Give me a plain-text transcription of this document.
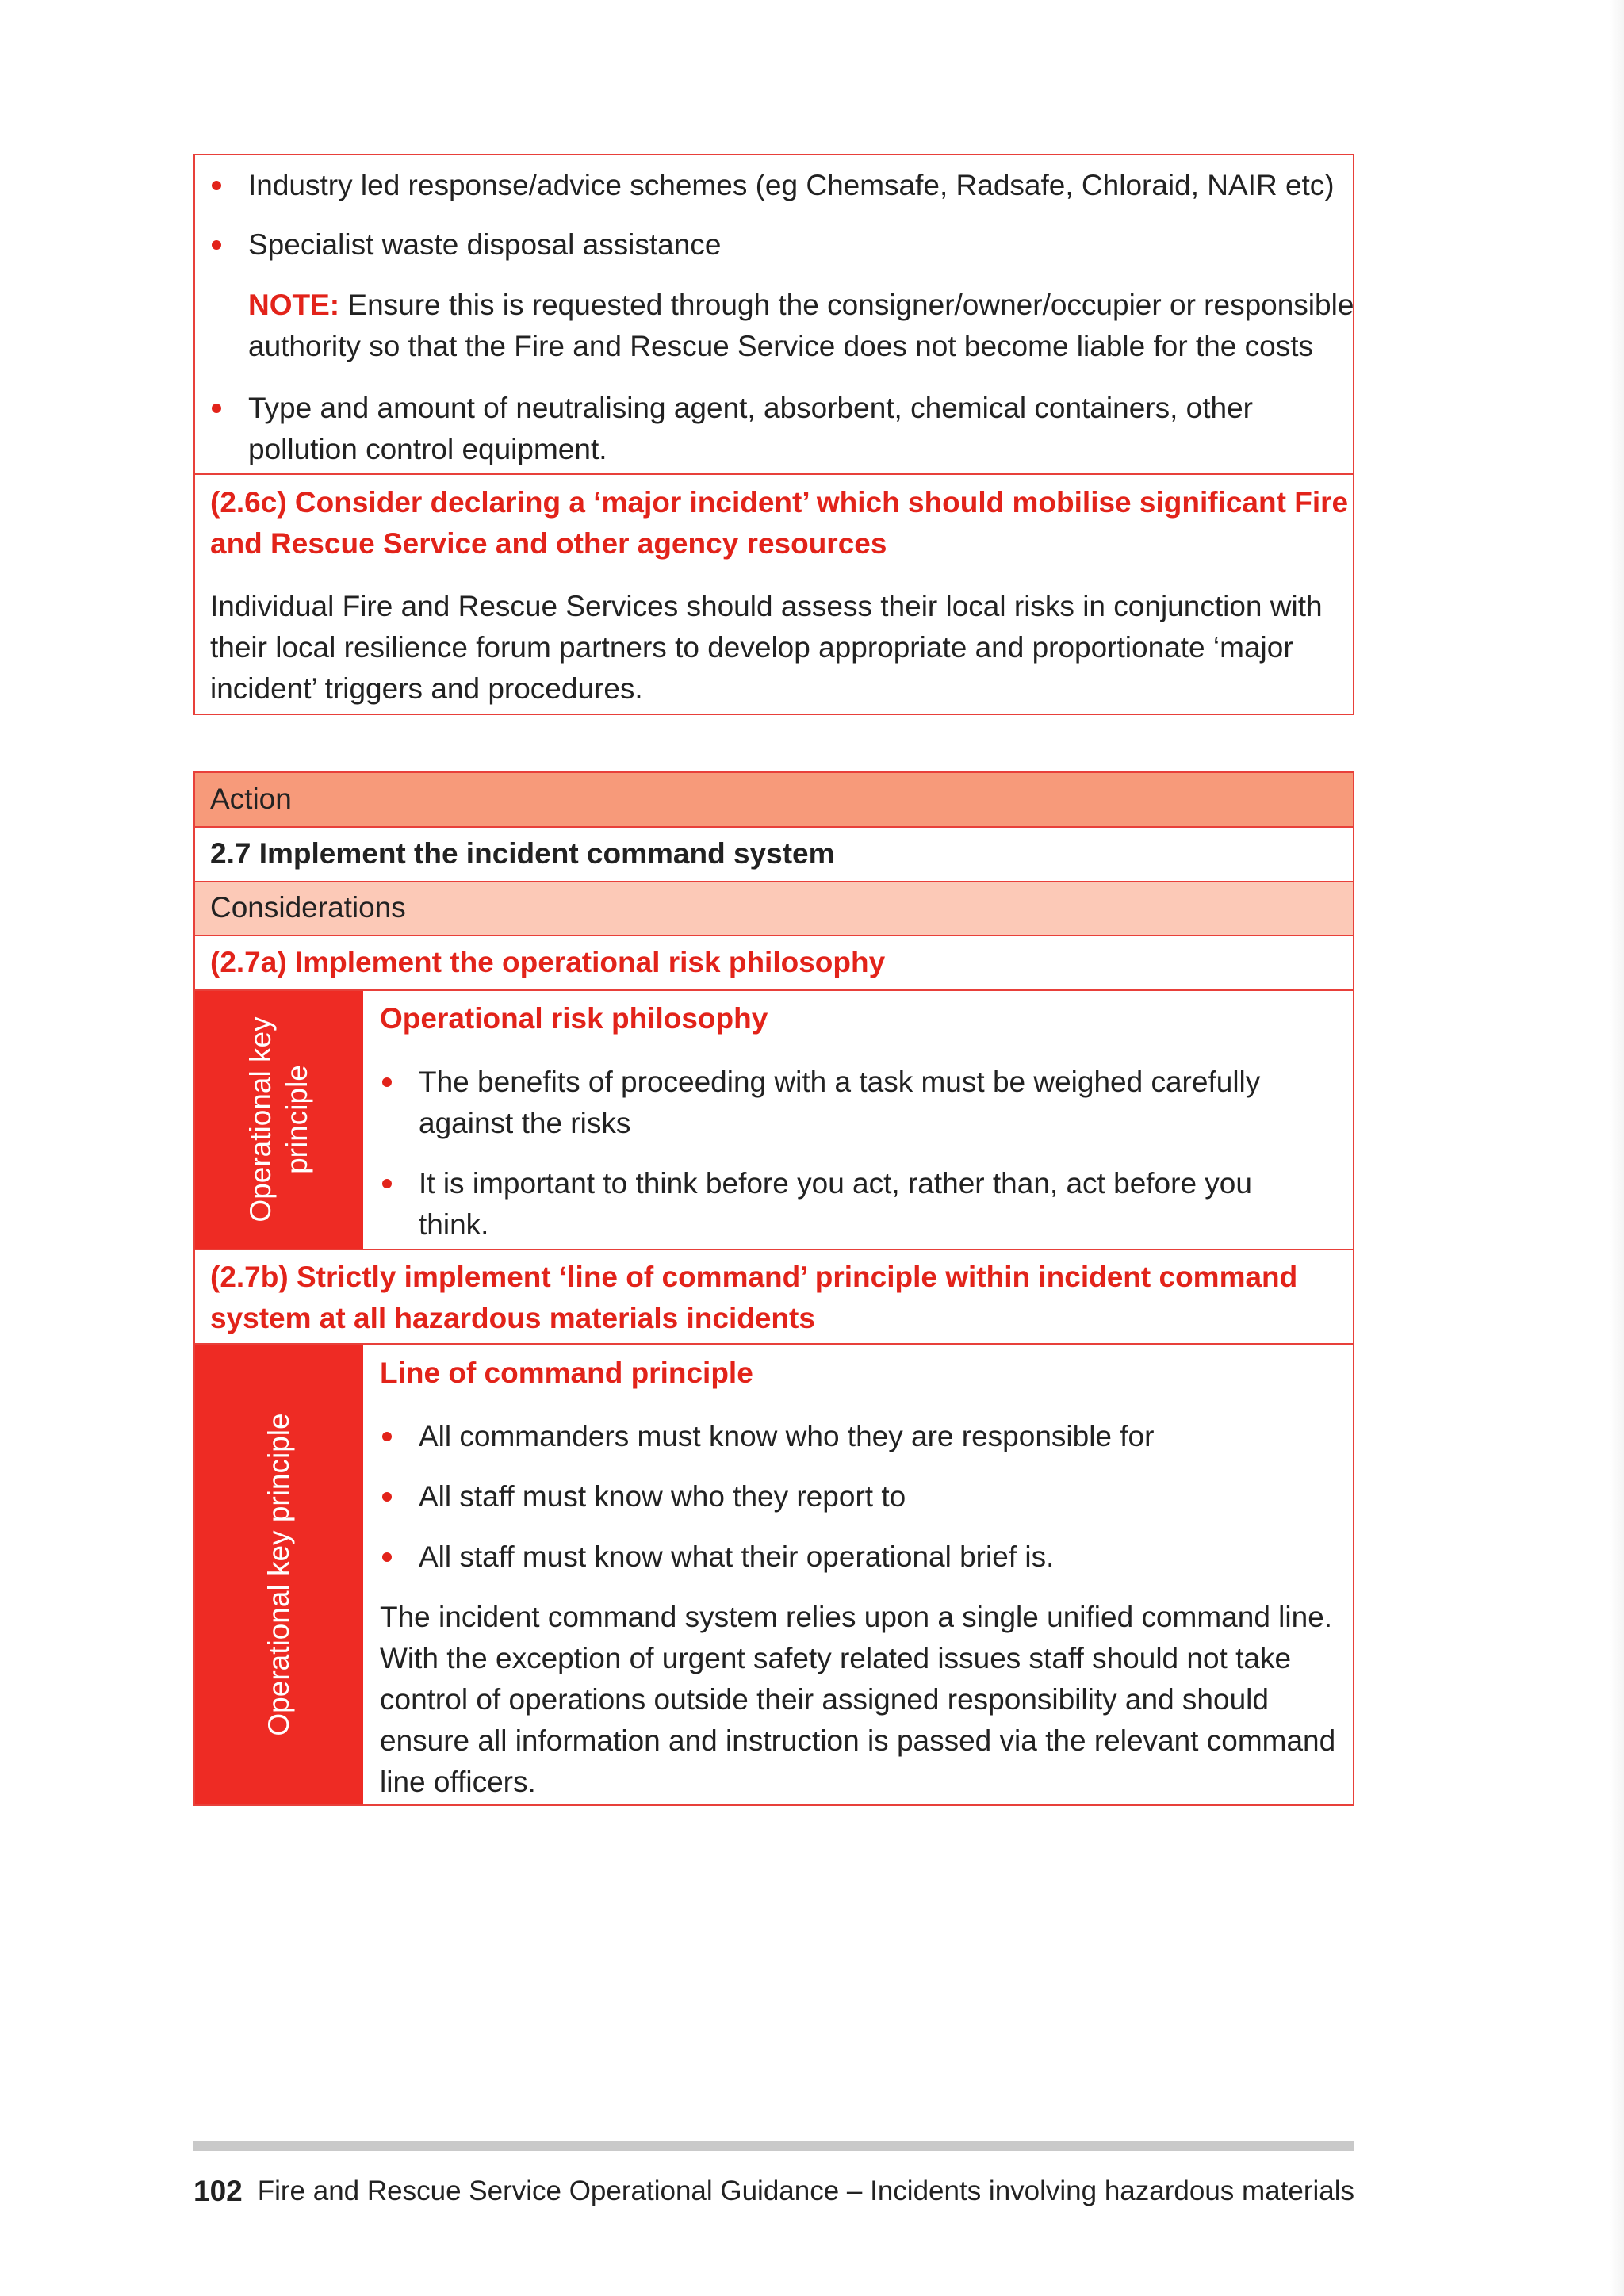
Industry led response/advice schemes (eg Chemsafe, Radsafe, Chloraid, NAIR etc)
Specialist waste disposal assistance
NOTE: Ensure this is requested through the consigner/owner/occupier or responsible
authority so that the Fire and Rescue Service does not become liable for the costs
Type and amount of neutralising agent, absorbent, chemical containers, other
pollution control equipment.
(2.6c) Consider declaring a ‘major incident’ which should mobilise significant Fire
and Rescue Service and other agency resources
Individual Fire and Rescue Services should assess their local risks in conjunction with
their local resilience forum partners to develop appropriate and proportionate ‘major
incident’ triggers and procedures.
Action
2.7 Implement the incident command system
Considerations
(2.7a) Implement the operational risk philosophy
Operational key principle
Operational risk philosophy
The benefits of proceeding with a task must be weighed carefully
against the risks
It is important to think before you act, rather than, act before you
think.
(2.7b) Strictly implement ‘line of command’ principle within incident command
system at all hazardous materials incidents
Operational key principle
Line of command principle
All commanders must know who they are responsible for
All staff must know who they report to
All staff must know what their operational brief is.
The incident command system relies upon a single unified command line.
With the exception of urgent safety related issues staff should not take
control of operations outside their assigned responsibility and should
ensure all information and instruction is passed via the relevant command
line officers.
102 Fire and Rescue Service Operational Guidance – Incidents involving hazardous materials
